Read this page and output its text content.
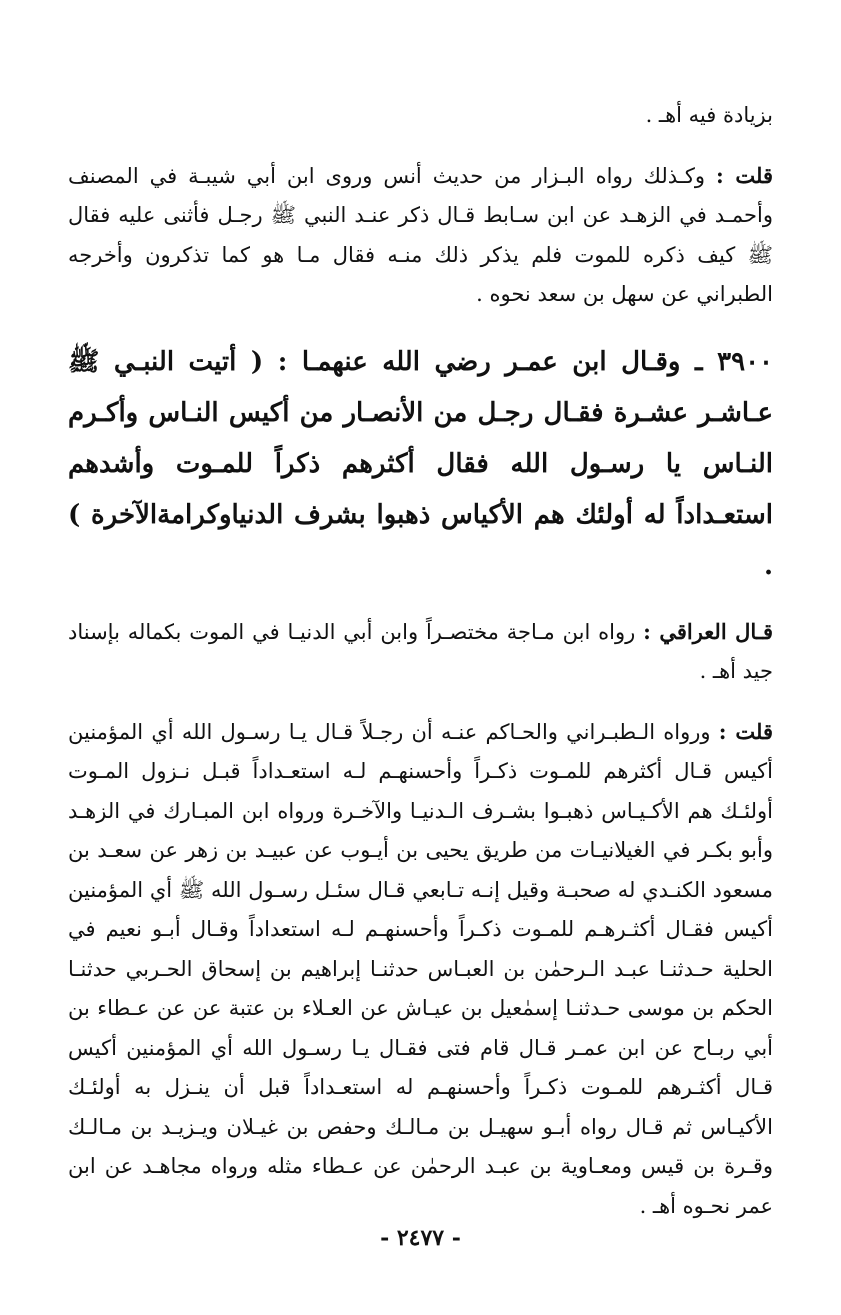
بزيادة فيه أهـ .

قلت : وكـذلك رواه البـزار من حديث أنس وروى ابن أبي شيبـة في المصنف وأحمـد في الزهـد عن ابن سـابط قـال ذكر عنـد النبي ﷺ رجـل فأثنى عليه فقال ﷺ كيف ذكره للموت فلم يذكر ذلك منـه فقال مـا هو كما تذكرون وأخرجه الطبراني عن سهل بن سعد نحوه .

٣٩٠٠ ـ وقـال ابن عمـر رضي الله عنهمـا : ( أتيت النبـي ﷺ عـاشـر عشـرة فقـال رجـل من الأنصـار من أكيس النـاس وأكـرم النـاس يا رسـول الله فقال أكثرهم ذكراً للمـوت وأشدهم استعـداداً له أولئك هم الأكياس ذهبوا بشرف الدنياوكرامةالآخرة ) .

قـال العراقي : رواه ابن مـاجة مختصـراً وابن أبي الدنيـا في الموت بكماله بإسناد جيد أهـ .

قلت : ورواه الـطبـراني والحـاكم عنـه أن رجـلاً قـال يـا رسـول الله أي المؤمنين أكيس قـال أكثرهم للمـوت ذكـراً وأحسنهـم لـه استعـداداً قبـل نـزول المـوت أولئـك هم الأكـيـاس ذهبـوا بشـرف الـدنيـا والآخـرة ورواه ابن المبـارك في الزهـد وأبو بكـر في الغيلانيـات من طريق يحيى بن أيـوب عن عبيـد بن زهر عن سعـد بن مسعود الكنـدي له صحبـة وقيل إنـه تـابعي قـال سئـل رسـول الله ﷺ أي المؤمنين أكيس فقـال أكثـرهـم للمـوت ذكـراً وأحسنهـم لـه استعداداً وقـال أبـو نعيم في الحلية حـدثنـا عبـد الـرحمٰن بن العبـاس حدثنـا إبراهيم بن إسحاق الحـربي حدثنـا الحكم بن موسى حـدثنـا إسمٰعيل بن عيـاش عن العـلاء بن عتبة عن عن عـطاء بن أبي ربـاح عن ابن عمـر قـال قام فتى فقـال يـا رسـول الله أي المؤمنين أكيس قـال أكثـرهم للمـوت ذكـراً وأحسنهـم له استعـداداً قبل أن ينـزل به أولئـك الأكيـاس ثم قـال رواه أبـو سهيـل بن مـالـك وحفص بن غيـلان ويـزيـد بن مـالـك وقـرة بن قيس ومعـاوية بن عبـد الرحمٰن عن عـطاء مثله ورواه مجاهـد عن ابن عمر نحـوه أهـ .

- ٢٤٧٧ -
